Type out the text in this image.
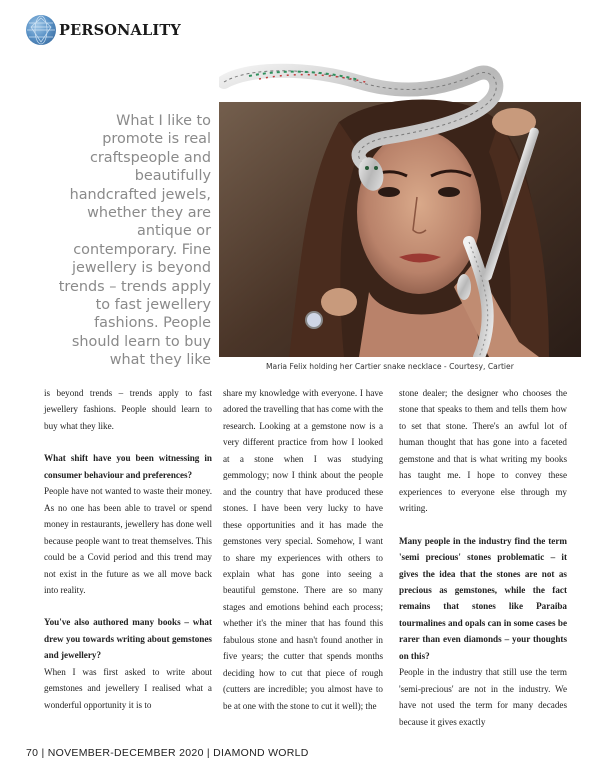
PERSONALITY
Maria Felix holding her Cartier snake necklace - Courtesy, Cartier
What I like to promote is real craftspeople and beautifully handcrafted jewels, whether they are antique or contemporary. Fine jewellery is beyond trends – trends apply to fast jewellery fashions. People should learn to buy what they like

is beyond trends – trends apply to fast jewellery fashions. People should learn to buy what they like.

What shift have you been witnessing in consumer behaviour and preferences?

People have not wanted to waste their money. As no one has been able to travel or spend money in restaurants, jewellery has done well because people want to treat themselves. This could be a Covid period and this trend may not exist in the future as we all move back into reality.

You've also authored many books – what drew you towards writing about gemstones and jewellery?

When I was first asked to write about gemstones and jewellery I realised what a wonderful opportunity it is to

share my knowledge with everyone. I have adored the travelling that has come with the research. Looking at a gemstone now is a very different practice from how I looked at a stone when I was studying gemmology; now I think about the people and the country that have produced these stones. I have been very lucky to have these opportunities and it has made the gemstones very special. Somehow, I want to share my experiences with others to explain what has gone into seeing a beautiful gemstone. There are so many stages and emotions behind each process; whether it's the miner that has found this fabulous stone and hasn't found another in five years; the cutter that spends months deciding how to cut that piece of rough (cutters are incredible; you almost have to be at one with the stone to cut it well); the

stone dealer; the designer who chooses the stone that speaks to them and tells them how to set that stone. There's an awful lot of human thought that has gone into a faceted gemstone and that is what writing my books has taught me. I hope to convey these experiences to everyone else through my writing.

Many people in the industry find the term 'semi precious' stones problematic – it gives the idea that the stones are not as precious as gemstones, while the fact remains that stones like Paraiba tourmalines and opals can in some cases be rarer than even diamonds – your thoughts on this?

People in the industry that still use the term 'semi-precious' are not in the industry. We have not used the term for many decades because it gives exactly

70 | NOVEMBER-DECEMBER 2020 | DIAMOND WORLD
